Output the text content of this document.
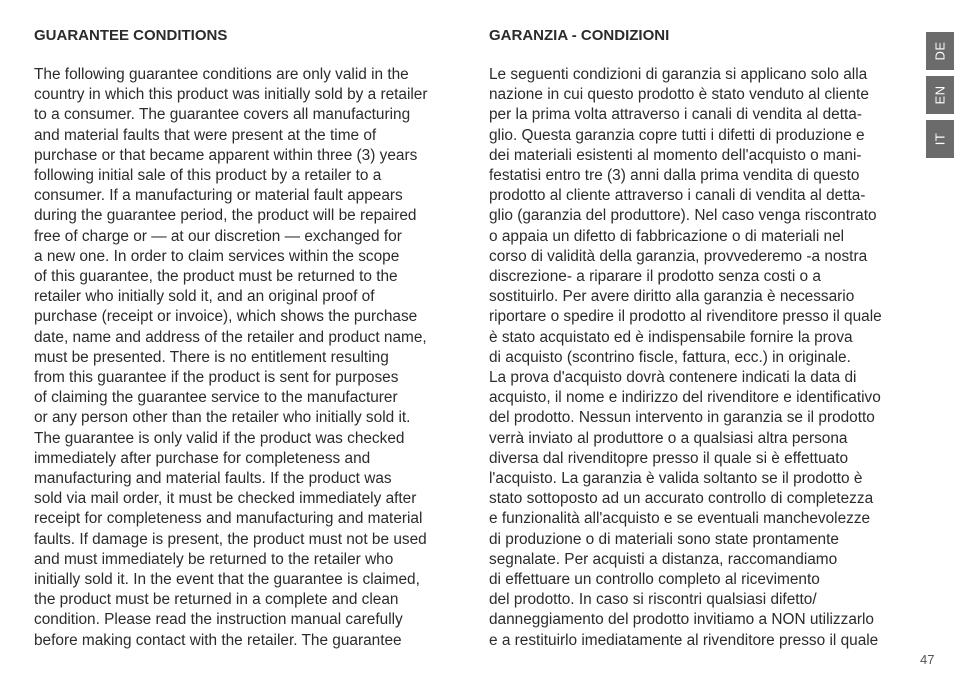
GUARANTEE CONDITIONS
The following guarantee conditions are only valid in the
country in which this product was initially sold by a retailer
to a consumer. The guarantee covers all manufacturing
and material faults that were present at the time of
purchase or that became apparent within three (3) years
following initial sale of this product by a retailer to a
consumer. If a manufacturing or material fault appears
during the guarantee period, the product will be repaired
free of charge or — at our discretion — exchanged for
a new one. In order to claim services within the scope
of this guarantee, the product must be returned to the
retailer who initially sold it, and an original proof of
purchase (receipt or invoice), which shows the purchase
date, name and address of the retailer and product name,
must be presented. There is no entitlement resulting
from this guarantee if the product is sent for purposes
of claiming the guarantee service to the manufacturer
or any person other than the retailer who initially sold it.
The guarantee is only valid if the product was checked
immediately after purchase for completeness and
manufacturing and material faults. If the product was
sold via mail order, it must be checked immediately after
receipt for completeness and manufacturing and material
faults. If damage is present, the product must not be used
and must immediately be returned to the retailer who
initially sold it. In the event that the guarantee is claimed,
the product must be returned in a complete and clean
condition. Please read the instruction manual carefully
before making contact with the retailer. The guarantee
GARANZIA - CONDIZIONI
Le seguenti condizioni di garanzia si applicano solo alla
nazione in cui questo prodotto è stato venduto al cliente
per la prima volta attraverso i canali di vendita al detta-
glio. Questa garanzia copre tutti i difetti di produzione e
dei materiali esistenti al momento dell'acquisto o mani-
festatisi entro tre (3) anni dalla prima vendita di questo
prodotto al cliente attraverso i canali di vendita al detta-
glio (garanzia del produttore). Nel caso venga riscontrato
o appaia un difetto di fabbricazione o di materiali nel
corso di validità della garanzia, provvederemo -a nostra
discrezione- a riparare il prodotto senza costi o a
sostituirlo. Per avere diritto alla garanzia è necessario
riportare o spedire il prodotto al rivenditore presso il quale
è stato acquistato ed è indispensabile fornire la prova
di acquisto (scontrino fiscle, fattura, ecc.) in originale.
La prova d'acquisto dovrà contenere indicati la data di
acquisto, il nome e indirizzo del rivenditore e identificativo
del prodotto. Nessun intervento in garanzia se il prodotto
verrà inviato al produttore o a qualsiasi altra persona
diversa dal rivenditopre presso il quale si è effettuato
l'acquisto. La garanzia è valida soltanto se il prodotto è
stato sottoposto ad un accurato controllo di completezza
e funzionalità all'acquisto e se eventuali manchevolezze
di produzione o di materiali sono state prontamente
segnalate. Per acquisti a distanza, raccomandiamo
di effettuare un controllo completo al ricevimento
del prodotto. In caso si riscontri qualsiasi difetto/
danneggiamento del prodotto invitiamo a NON utilizzarlo
e a restituirlo imediatamente al rivenditore presso il quale
DE
EN
IT
47
